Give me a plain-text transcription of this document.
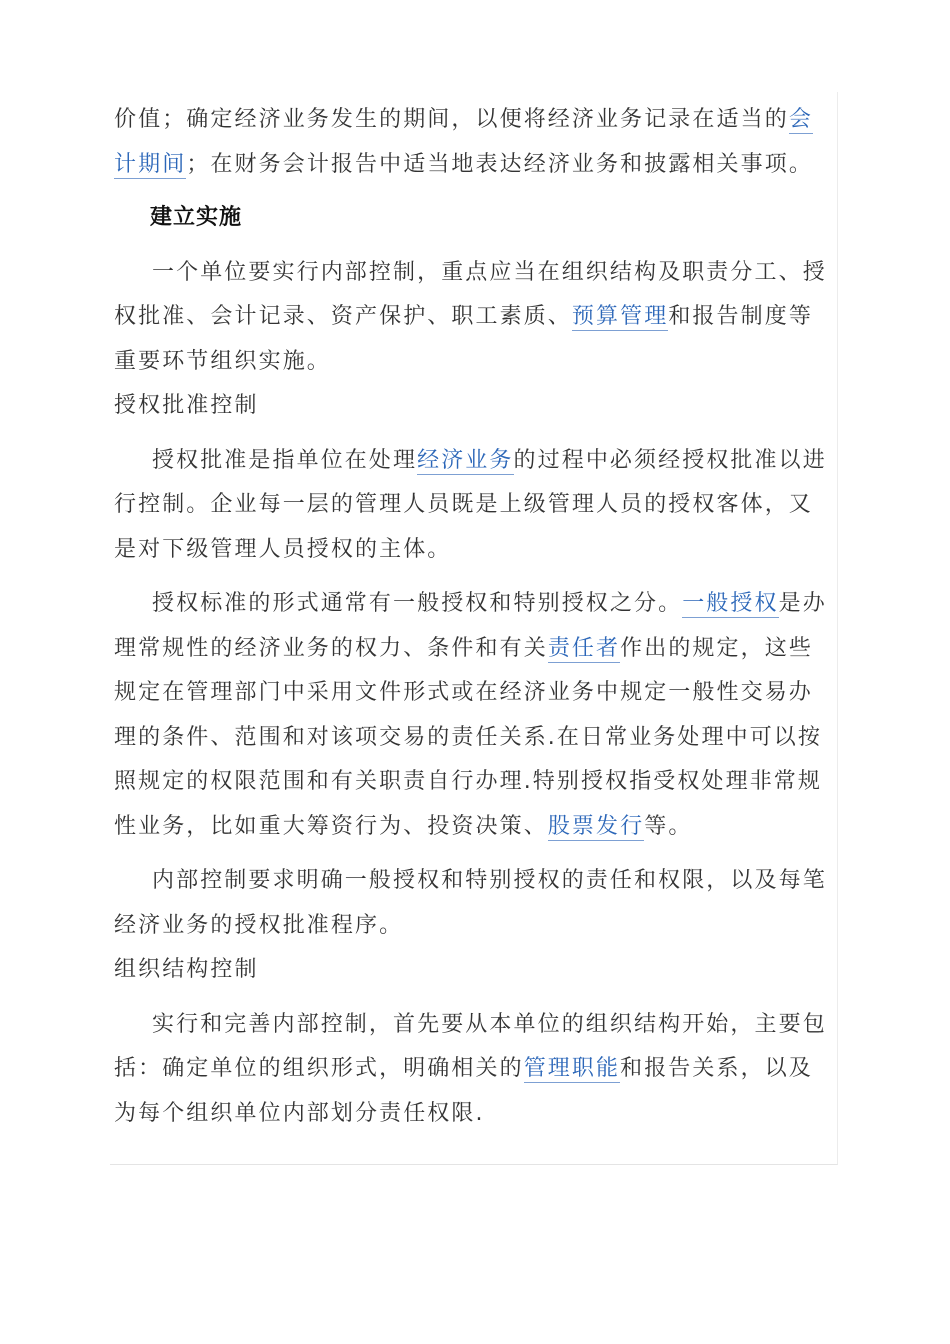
价值；确定经济业务发生的期间，以便将经济业务记录在适当的会计期间；在财务会计报告中适当地表达经济业务和披露相关事项。

建立实施

一个单位要实行内部控制，重点应当在组织结构及职责分工、授权批准、会计记录、资产保护、职工素质、预算管理和报告制度等重要环节组织实施。

授权批准控制

授权批准是指单位在处理经济业务的过程中必须经授权批准以进行控制。企业每一层的管理人员既是上级管理人员的授权客体，又是对下级管理人员授权的主体。

授权标准的形式通常有一般授权和特别授权之分。一般授权是办理常规性的经济业务的权力、条件和有关责任者作出的规定，这些规定在管理部门中采用文件形式或在经济业务中规定一般性交易办理的条件、范围和对该项交易的责任关系.在日常业务处理中可以按照规定的权限范围和有关职责自行办理.特别授权指受权处理非常规性业务，比如重大筹资行为、投资决策、股票发行等。

内部控制要求明确一般授权和特别授权的责任和权限，以及每笔经济业务的授权批准程序。

组织结构控制

实行和完善内部控制，首先要从本单位的组织结构开始，主要包括：确定单位的组织形式，明确相关的管理职能和报告关系，以及为每个组织单位内部划分责任权限.
